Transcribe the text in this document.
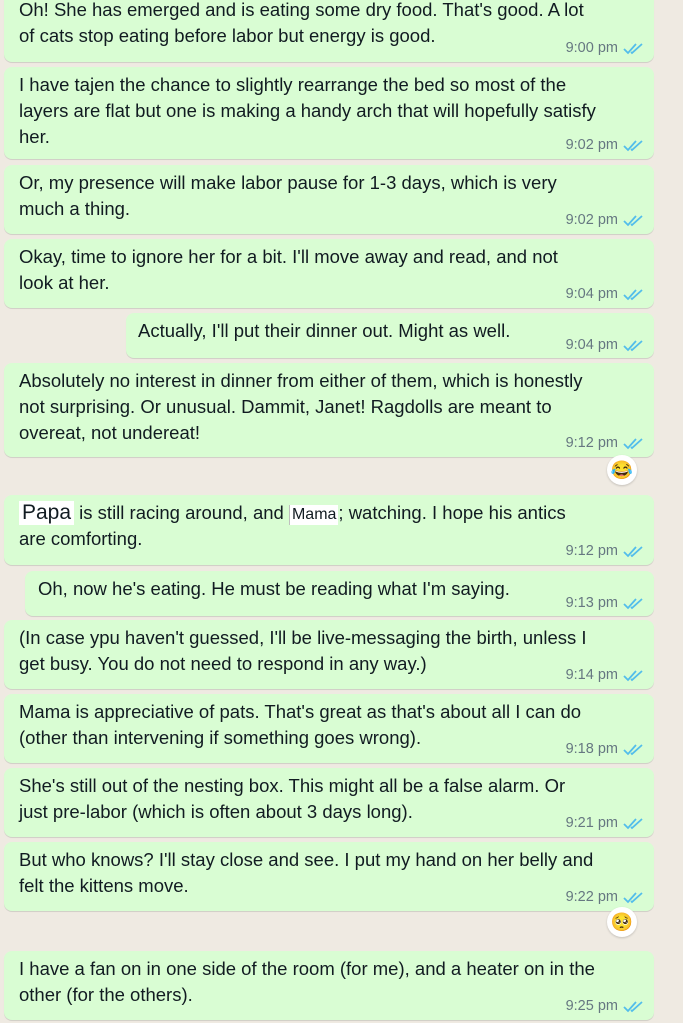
Oh! She has emerged and is eating some dry food. That's good. A lot of cats stop eating before labor but energy is good.

9:00 pm

I have tajen the chance to slightly rearrange the bed so most of the layers are flat but one is making a handy arch that will hopefully satisfy her.	9:02 pm

Or, my presence will make labor pause for 1-3 days, which is very much a thing.

9:02 pm

Okay, time to ignore her for a bit. I'll move away and read, and not look at her.

9:04 pm

Actually, I'll put their dinner out. Might as well.

9:04 pm

Absolutely no interest in dinner from either of them, which is honestly not surprising. Or unusual. Dammit, Janet! Ragdolls are meant to overeat, not undereat!	9:12 pm
😂

Papa is still racing around, and Mama ; watching. I hope his antics are comforting.

9:12 pm

Oh, now he's eating. He must be reading what I'm saying.

9:13 pm

(In case ypu haven't guessed, I'll be live-messaging the birth, unless I get busy. You do not need to respond in any way.)

9:14 pm

Mama is appreciative of pats. That's great as that's about all I can do (other than intervening if something goes wrong).

9:18 pm

She's still out of the nesting box. This might all be a false alarm. Or just pre-labor (which is often about 3 days long).

9:21 pm

But who knows? I'll stay close and see. I put my hand on her belly and felt the kittens move.

9:22 pm
🥺

I have a fan on in one side of the room (for me), and a heater on in the other (for the others).

9:25 pm
